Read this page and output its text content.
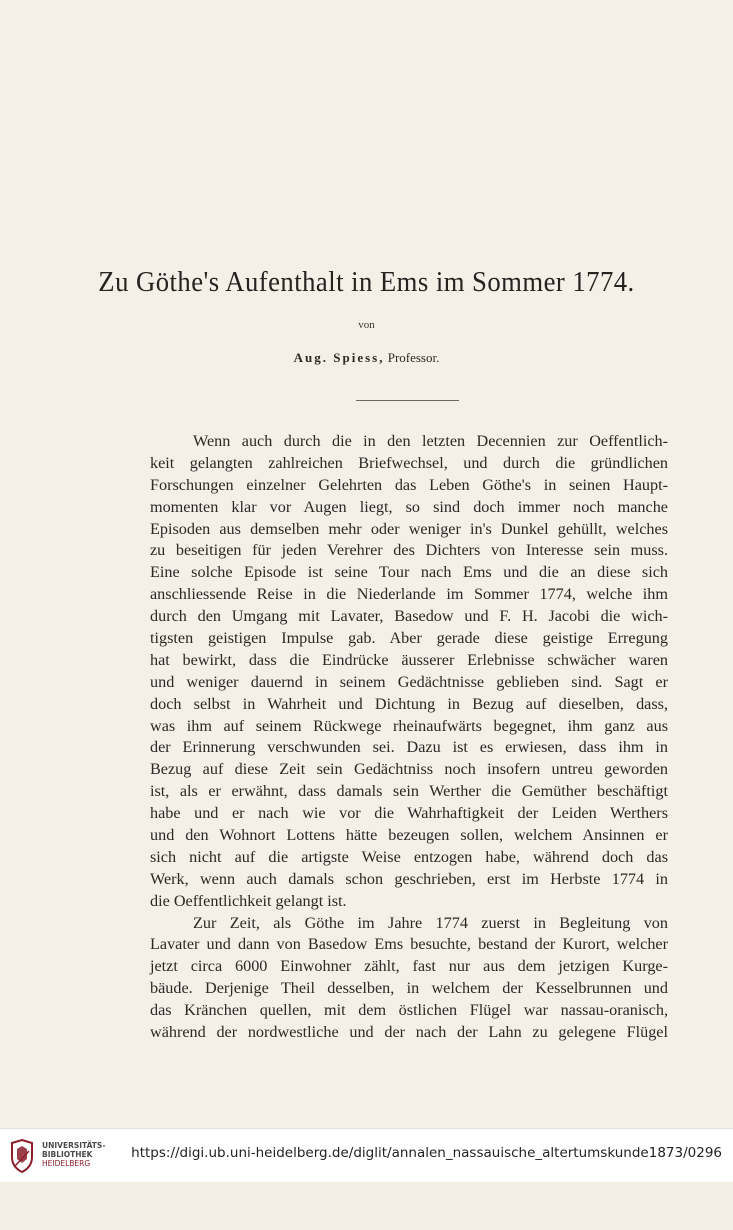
Zu Göthe's Aufenthalt in Ems im Sommer 1774.
von
Aug. Spiess, Professor.
Wenn auch durch die in den letzten Decennien zur Oeffentlich-
keit gelangten zahlreichen Briefwechsel, und durch die gründlichen
Forschungen einzelner Gelehrten das Leben Göthe's in seinen Haupt-
momenten klar vor Augen liegt, so sind doch immer noch manche
Episoden aus demselben mehr oder weniger in's Dunkel gehüllt, welches
zu beseitigen für jeden Verehrer des Dichters von Interesse sein muss.
Eine solche Episode ist seine Tour nach Ems und die an diese sich
anschliessende Reise in die Niederlande im Sommer 1774, welche ihm
durch den Umgang mit Lavater, Basedow und F. H. Jacobi die wich-
tigsten geistigen Impulse gab. Aber gerade diese geistige Erregung
hat bewirkt, dass die Eindrücke äusserer Erlebnisse schwächer waren
und weniger dauernd in seinem Gedächtnisse geblieben sind. Sagt er
doch selbst in Wahrheit und Dichtung in Bezug auf dieselben, dass,
was ihm auf seinem Rückwege rheinaufwärts begegnet, ihm ganz aus
der Erinnerung verschwunden sei. Dazu ist es erwiesen, dass ihm in
Bezug auf diese Zeit sein Gedächtniss noch insofern untreu geworden
ist, als er erwähnt, dass damals sein Werther die Gemüther beschäftigt
habe und er nach wie vor die Wahrhaftigkeit der Leiden Werthers
und den Wohnort Lottens hätte bezeugen sollen, welchem Ansinnen er
sich nicht auf die artigste Weise entzogen habe, während doch das
Werk, wenn auch damals schon geschrieben, erst im Herbste 1774 in
die Oeffentlichkeit gelangt ist.
Zur Zeit, als Göthe im Jahre 1774 zuerst in Begleitung von
Lavater und dann von Basedow Ems besuchte, bestand der Kurort, welcher
jetzt circa 6000 Einwohner zählt, fast nur aus dem jetzigen Kurge-
bäude. Derjenige Theil desselben, in welchem der Kesselbrunnen und
das Kränchen quellen, mit dem östlichen Flügel war nassau-oranisch,
während der nordwestliche und der nach der Lahn zu gelegene Flügel
UNIVERSITÄTS-
BIBLIOTHEK
HEIDELBERG
https://digi.ub.uni-heidelberg.de/diglit/annalen_nassauische_altertumskunde1873/0296
